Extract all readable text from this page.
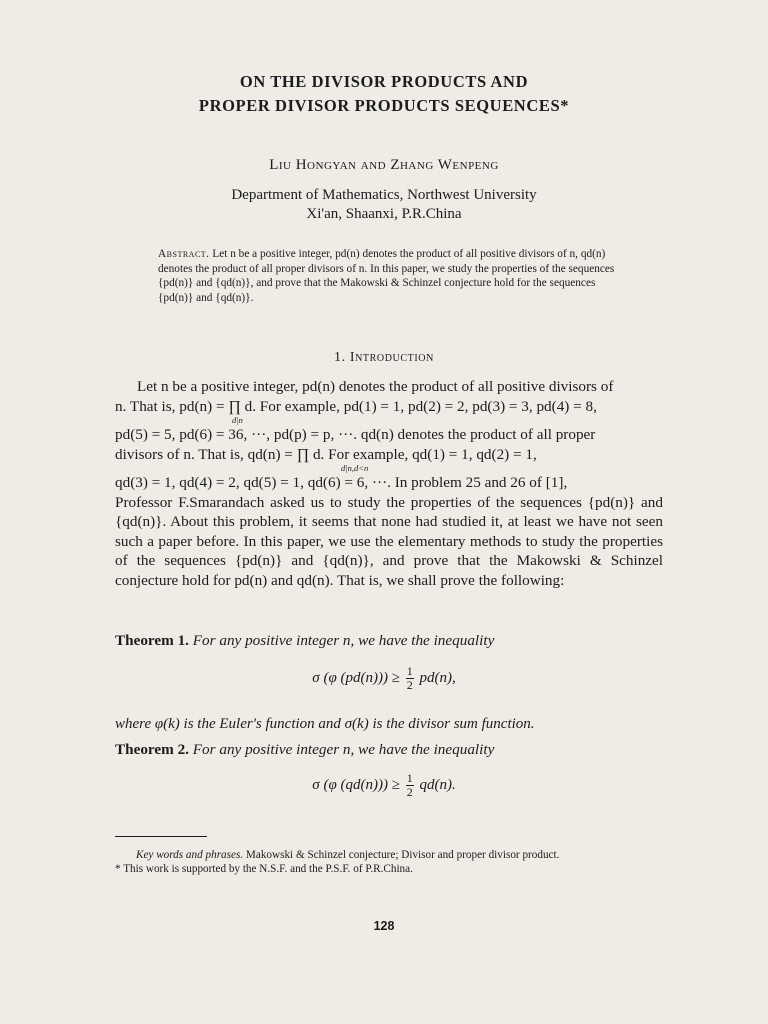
ON THE DIVISOR PRODUCTS AND
PROPER DIVISOR PRODUCTS SEQUENCES*
Liu Hongyan and Zhang Wenpeng
Department of Mathematics, Northwest University
Xi'an, Shaanxi, P.R.China
Abstract. Let n be a positive integer, pd(n) denotes the product of all positive divisors of n, qd(n) denotes the product of all proper divisors of n. In this paper, we study the properties of the sequences {pd(n)} and {qd(n)}, and prove that the Makowski & Schinzel conjecture hold for the sequences {pd(n)} and {qd(n)}.
1. Introduction
Let n be a positive integer, pd(n) denotes the product of all positive divisors of
n. That is, pd(n) = ∏ d. For example, pd(1) = 1, pd(2) = 2, pd(3) = 3, pd(4) = 8,
d|n
pd(5) = 5, pd(6) = 36, ···, pd(p) = p, ···. qd(n) denotes the product of all proper
divisors of n. That is, qd(n) = ∏ d. For example, qd(1) = 1, qd(2) = 1,
d|n,d<n
qd(3) = 1, qd(4) = 2, qd(5) = 1, qd(6) = 6, ···. In problem 25 and 26 of [1],
Professor F.Smarandach asked us to study the properties of the sequences {pd(n)} and {qd(n)}. About this problem, it seems that none had studied it, at least we have not seen such a paper before. In this paper, we use the elementary methods to study the properties of the sequences {pd(n)} and {qd(n)}, and prove that the Makowski & Schinzel conjecture hold for pd(n) and qd(n). That is, we shall prove the following:
Theorem 1. For any positive integer n, we have the inequality
σ (φ $(pd(n))) \ge \frac{1}{2} pd(n)$,
where φ(k) is the Euler's function and σ(k) is the divisor sum function.
Theorem 2. For any positive integer n, we have the inequality
σ (φ $(qd(n))) \ge \frac{1}{2} qd(n)$.
Key words and phrases. Makowski & Schinzel conjecture; Divisor and proper divisor product.
* This work is supported by the N.S.F. and the P.S.F. of P.R.China.
128
